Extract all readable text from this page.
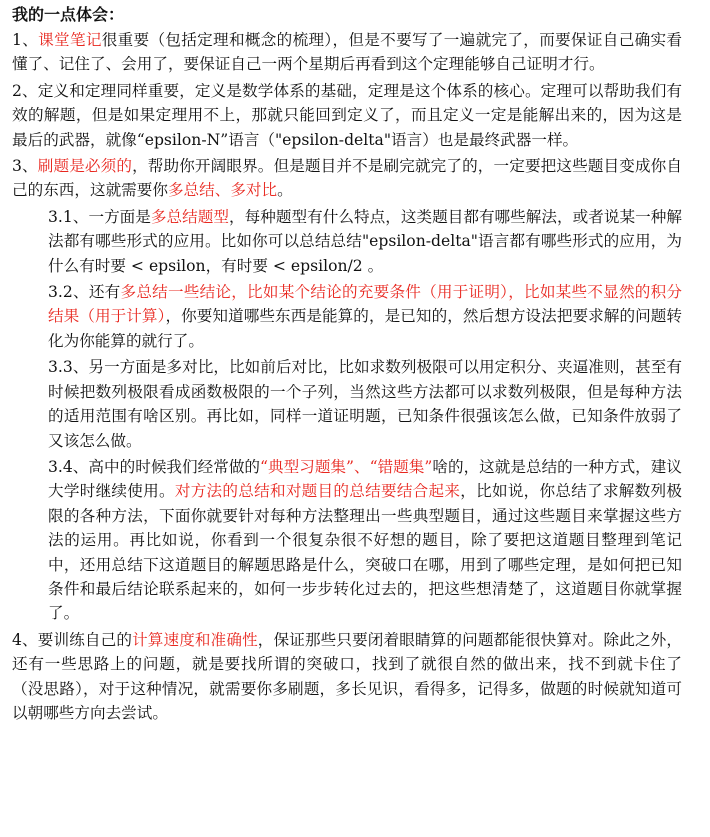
我的一点体会：

1、课堂笔记很重要（包括定理和概念的梳理），但是不要写了一遍就完了，而要保证自己确实看懂了、记住了、会用了，要保证自己一两个星期后再看到这个定理能够自己证明才行。

2、定义和定理同样重要，定义是数学体系的基础，定理是这个体系的核心。定理可以帮助我们有效的解题，但是如果定理用不上，那就只能回到定义了，而且定义一定是能解出来的，因为这是最后的武器，就像“epsilon-N”语言（"epsilon-delta"语言）也是最终武器一样。

3、刷题是必须的，帮助你开阔眼界。但是题目并不是刷完就完了的，一定要把这些题目变成你自己的东西，这就需要你多总结、多对比。

3.1、一方面是多总结题型，每种题型有什么特点，这类题目都有哪些解法，或者说某一种解法都有哪些形式的应用。比如你可以总结总结"epsilon-delta"语言都有哪些形式的应用，为什么有时要 < epsilon，有时要 < epsilon/2 。

3.2、还有多总结一些结论，比如某个结论的充要条件（用于证明），比如某些不显然的积分结果（用于计算），你要知道哪些东西是能算的，是已知的，然后想方设法把要求解的问题转化为你能算的就行了。

3.3、另一方面是多对比，比如前后对比，比如求数列极限可以用定积分、夹逼准则，甚至有时候把数列极限看成函数极限的一个子列，当然这些方法都可以求数列极限，但是每种方法的适用范围有啥区别。再比如，同样一道证明题，已知条件很强该怎么做，已知条件放弱了又该怎么做。

3.4、高中的时候我们经常做的“典型习题集”、“错题集”啥的，这就是总结的一种方式，建议大学时继续使用。对方法的总结和对题目的总结要结合起来，比如说，你总结了求解数列极限的各种方法，下面你就要针对每种方法整理出一些典型题目，通过这些题目来掌握这些方法的运用。再比如说，你看到一个很复杂很不好想的题目，除了要把这道题目整理到笔记中，还用总结下这道题目的解题思路是什么，突破口在哪，用到了哪些定理，是如何把已知条件和最后结论联系起来的，如何一步步转化过去的，把这些想清楚了，这道题目你就掌握了。

4、要训练自己的计算速度和准确性，保证那些只要闭着眼睛算的问题都能很快算对。除此之外，还有一些思路上的问题，就是要找所谓的突破口，找到了就很自然的做出来，找不到就卡住了（没思路），对于这种情况，就需要你多刷题，多长见识，看得多，记得多，做题的时候就知道可以朝哪些方向去尝试。
